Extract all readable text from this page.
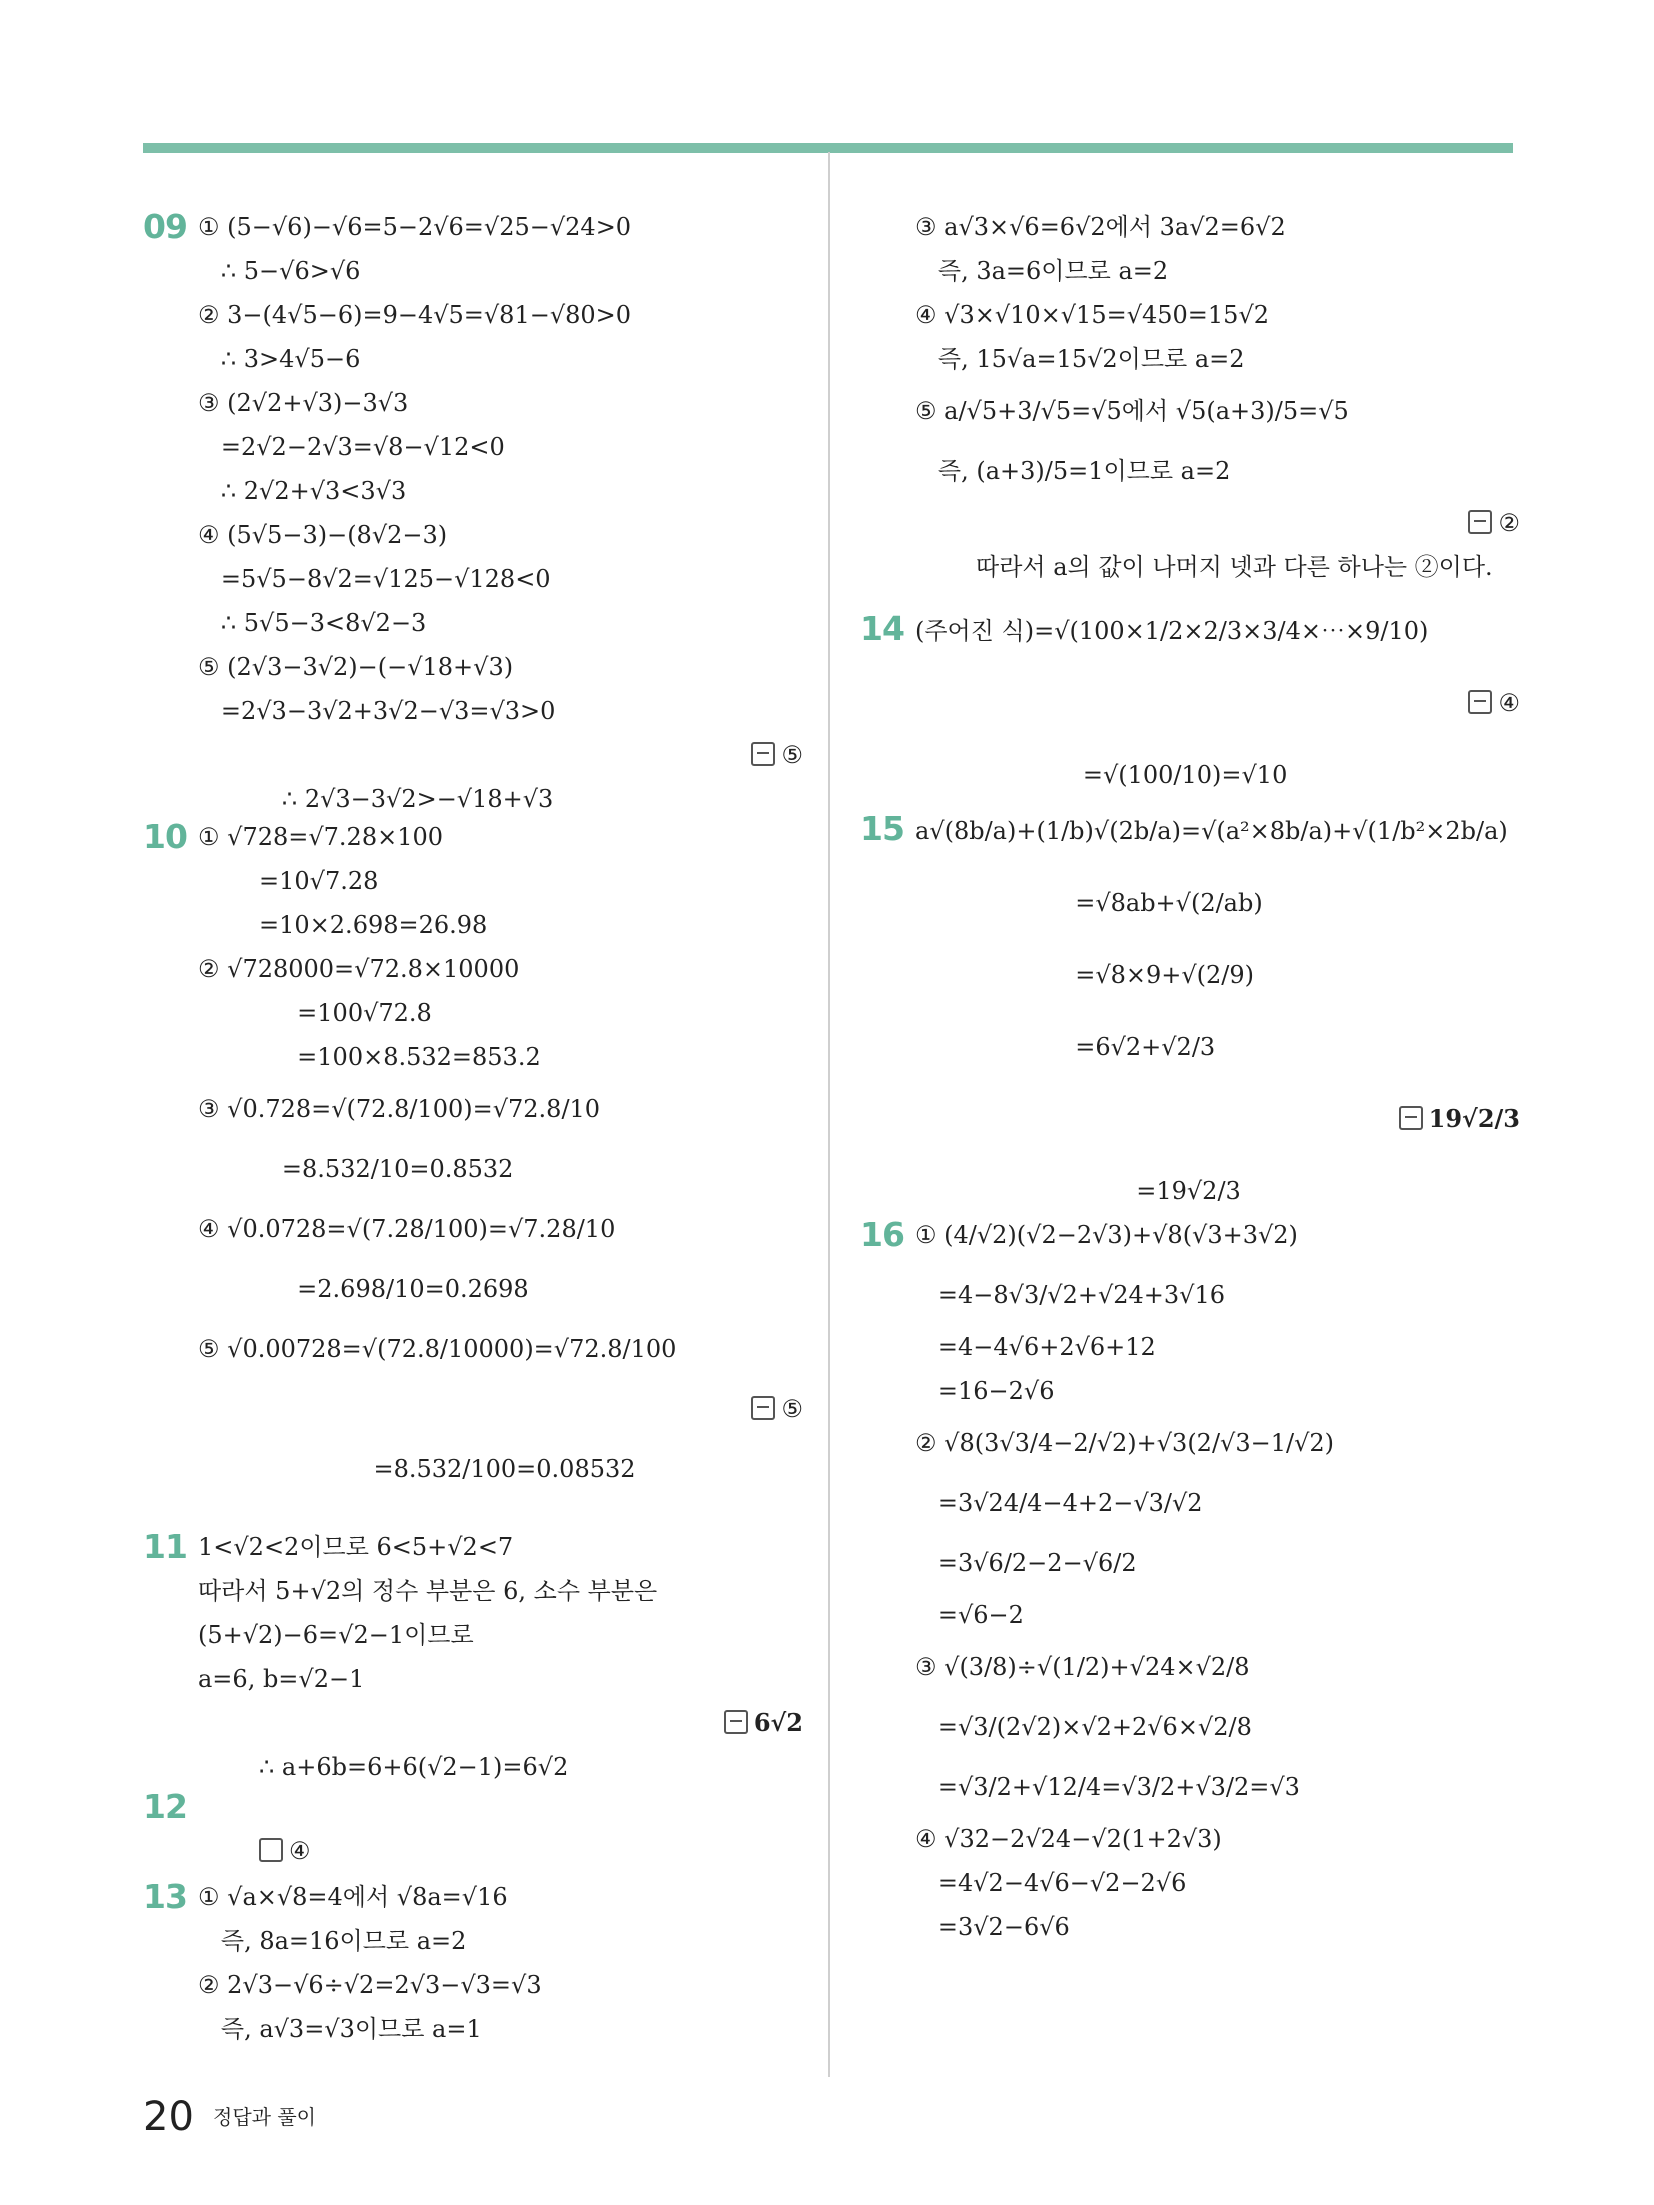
09 ① (5−√6)−√6=5−2√6=√25−√24>0
∴ 5−√6>√6
② 3−(4√5−6)=9−4√5=√81−√80>0
∴ 3>4√5−6
③ (2√2+√3)−3√3
=2√2−2√3=√8−√12<0
∴ 2√2+√3<3√3
④ (5√5−3)−(8√2−3)
=5√5−8√2=√125−√128<0
∴ 5√5−3<8√2−3
⑤ (2√3−3√2)−(−√18+√3)
=2√3−3√2+3√2−√3=√3>0

∴ 2√3−3√2>−√18+√3

⑤

10 ① √728=√7.28×100
=10√7.28
=10×2.698=26.98
② √728000=√72.8×10000
=100√72.8
=100×8.532=853.2
③ √0.728=√(72.8/100)=√72.8/10
=8.532/10=0.8532
④ √0.0728=√(7.28/100)=√7.28/10
=2.698/10=0.2698
⑤ √0.00728=√(72.8/10000)=√72.8/100

=8.532/100=0.08532

⑤

11 1<√2<2이므로 6<5+√2<7
따라서 5+√2의 정수 부분은 6, 소수 부분은
(5+√2)−6=√2−1이므로
a=6, b=√2−1

∴ a+6b=6+6(√2−1)=6√2

6√2

12

④

13 ① √a×√8=4에서 √8a=√16
즉, 8a=16이므로 a=2
② 2√3−√6÷√2=2√3−√3=√3
즉, a√3=√3이므로 a=1
③ a√3×√6=6√2에서 3a√2=6√2
즉, 3a=6이므로 a=2
④ √3×√10×√15=√450=15√2
즉, 15√a=15√2이므로 a=2
⑤ a/√5+3/√5=√5에서 √5(a+3)/5=√5
즉, (a+3)/5=1이므로 a=2

따라서 a의 값이 나머지 넷과 다른 하나는 ②이다.

②

14 (주어진 식)=√(100×1/2×2/3×3/4×⋯×9/10)

=√(100/10)=√10

④

15 a√(8b/a)+(1/b)√(2b/a)=√(a²×8b/a)+√(1/b²×2b/a)
=√8ab+√(2/ab)
=√8×9+√(2/9)
=6√2+√2/3

=19√2/3

19√2/3

16 ① (4/√2)(√2−2√3)+√8(√3+3√2)
=4−8√3/√2+√24+3√16
=4−4√6+2√6+12
=16−2√6
② √8(3√3/4−2/√2)+√3(2/√3−1/√2)
=3√24/4−4+2−√3/√2
=3√6/2−2−√6/2
=√6−2
③ √(3/8)÷√(1/2)+√24×√2/8
=√3/(2√2)×√2+2√6×√2/8
=√3/2+√12/4=√3/2+√3/2=√3
④ √32−2√24−√2(1+2√3)
=4√2−4√6−√2−2√6
=3√2−6√6
20 정답과 풀이
